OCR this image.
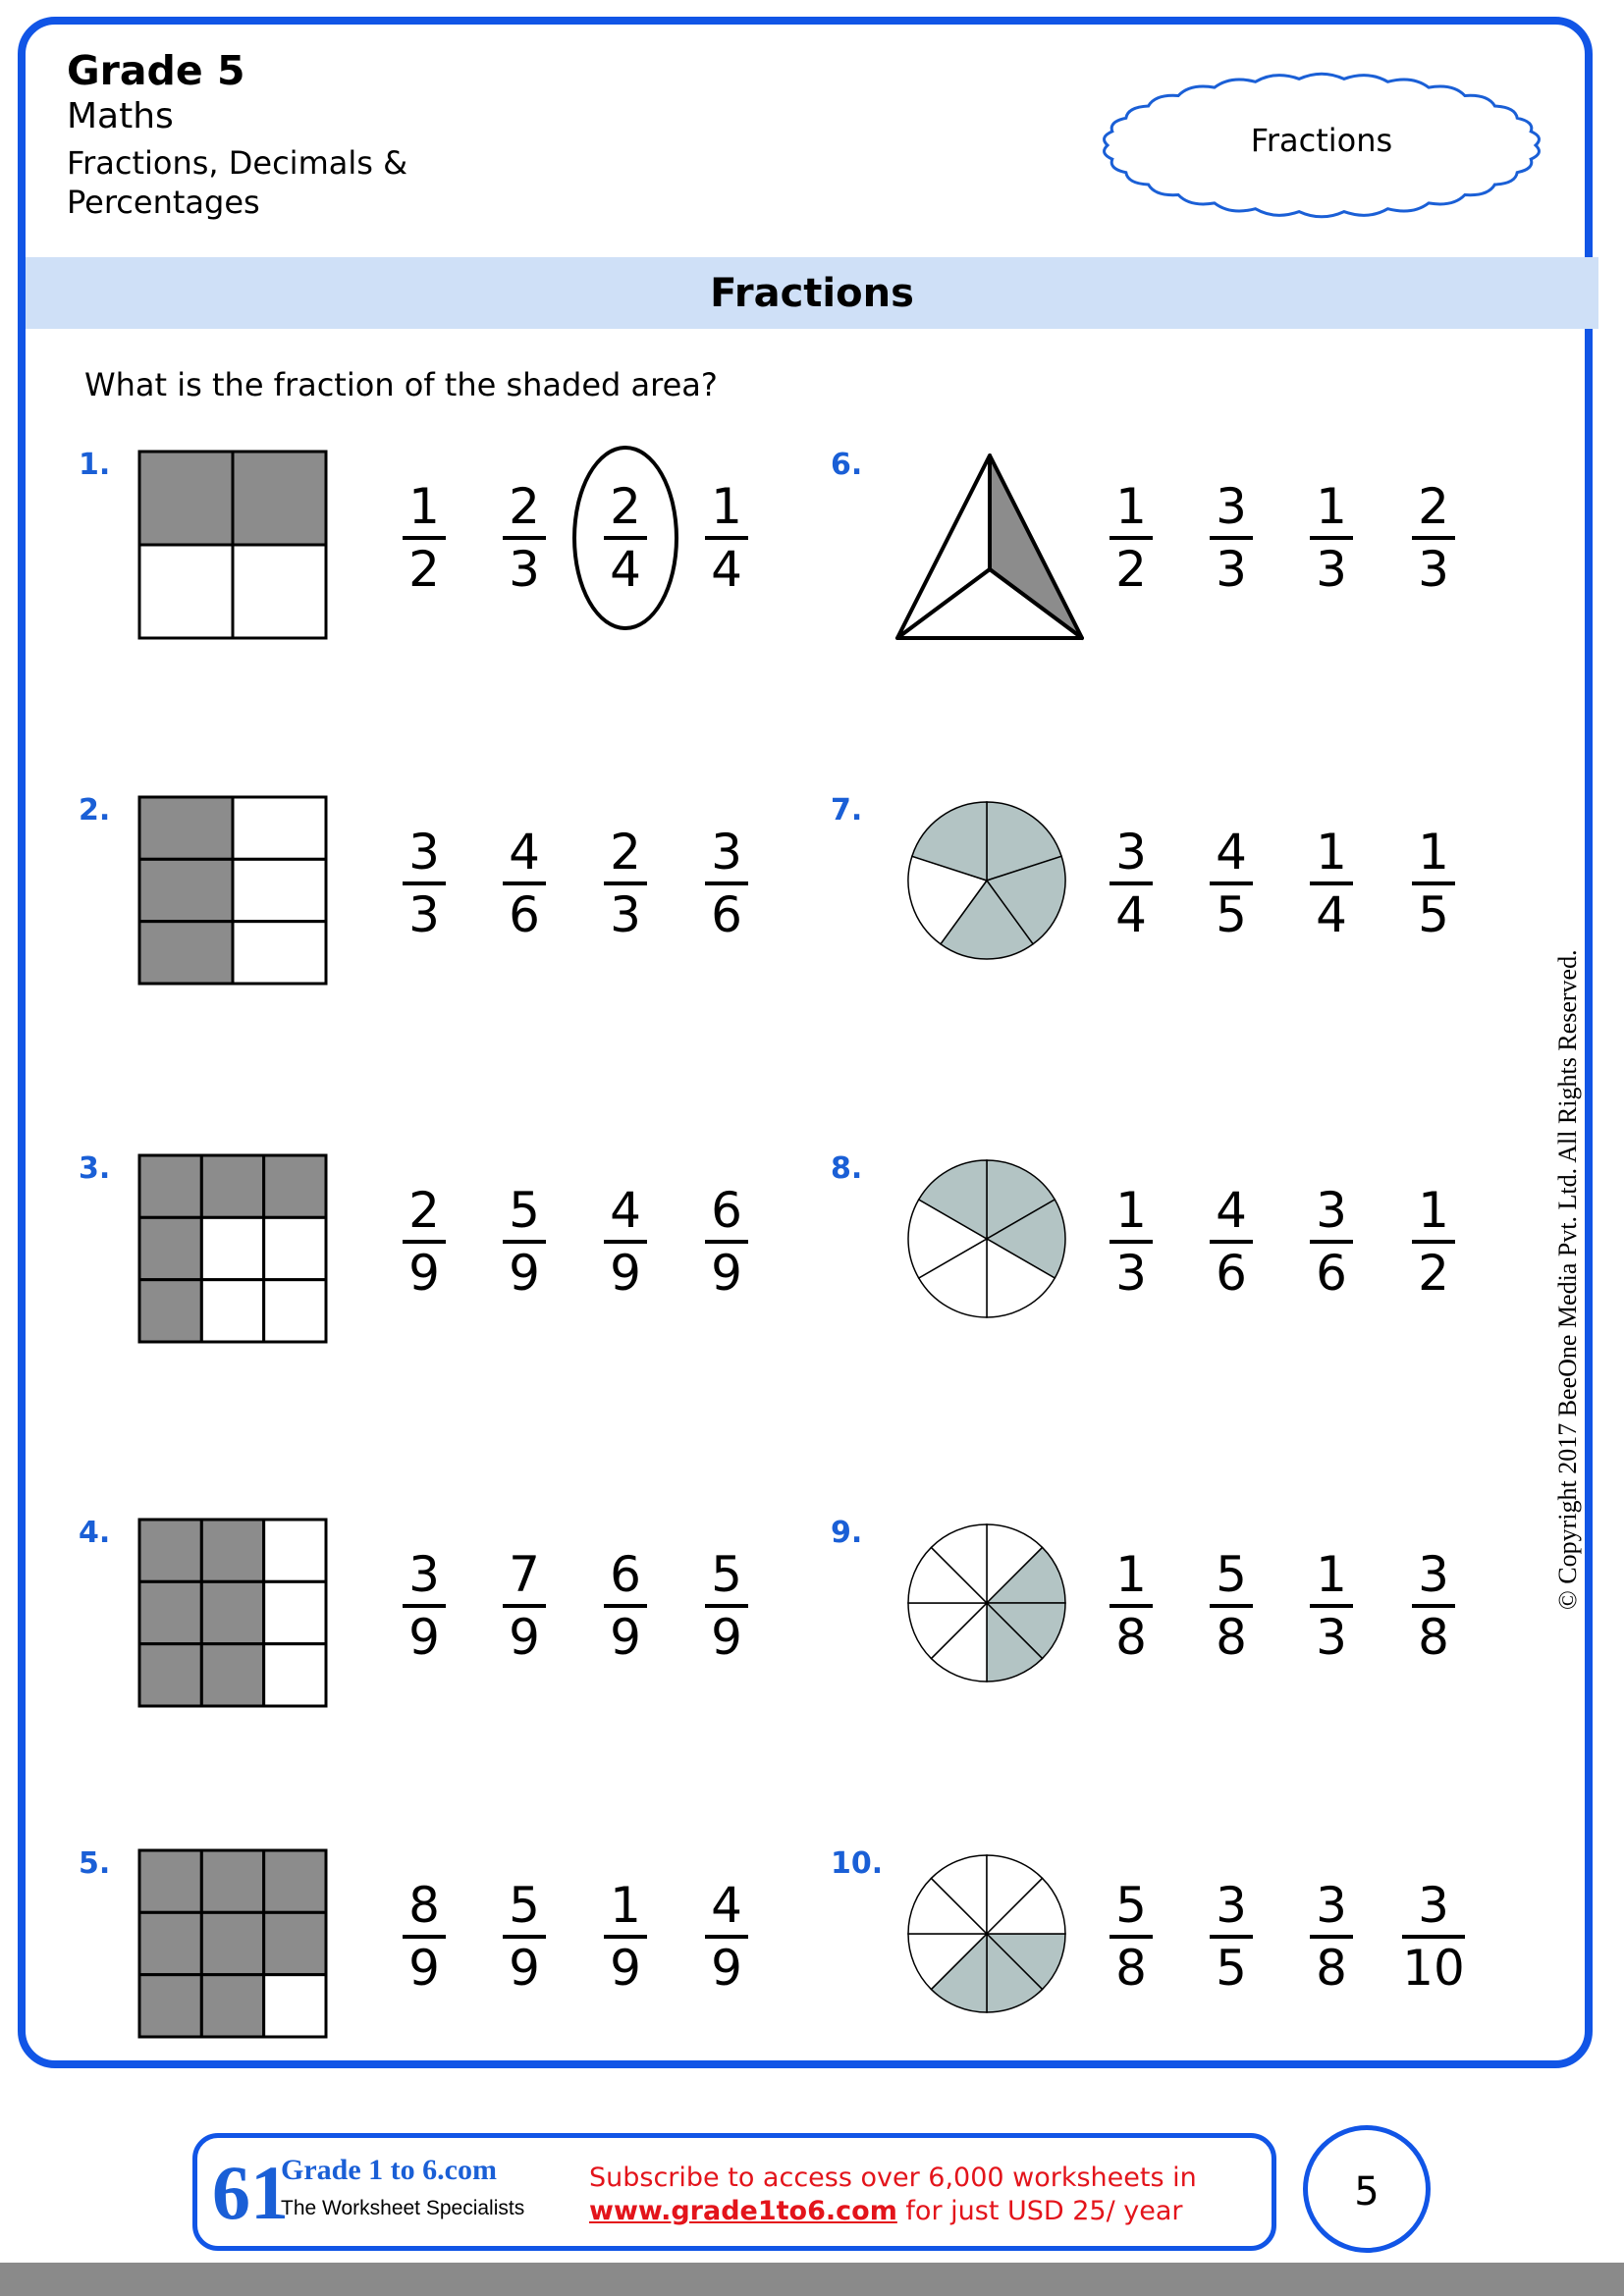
Grade 5
Maths
Fractions, Decimals & Percentages
Fractions
Fractions
What is the fraction of the shaded area?
1.
1
2
2
3
2
4
1
4
2.
3
3
4
6
2
3
3
6
3.
2
9
5
9
4
9
6
9
4.
3
9
7
9
6
9
5
9
5.
8
9
5
9
1
9
4
9
6.
1
2
3
3
1
3
2
3
7.
3
4
4
5
1
4
1
5
8.
1
3
4
6
3
6
1
2
9.
1
8
5
8
1
3
3
8
10.
5
8
3
5
3
8
3
10
© Copyright 2017 BeeOne Media Pvt. Ltd. All Rights Reserved.
61
Grade 1 to 6.com
The Worksheet Specialists
Subscribe to access over 6,000 worksheets in
www.grade1to6.com for just USD 25/ year	5
